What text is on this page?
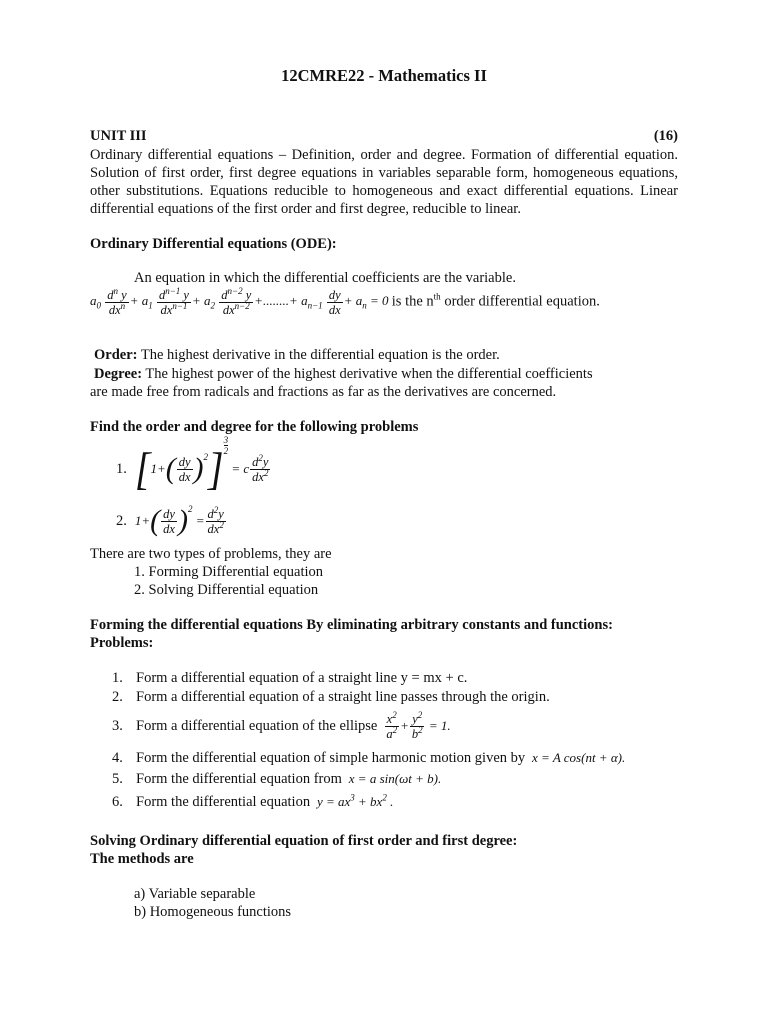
12CMRE22 - Mathematics II
UNIT III	(16)
Ordinary differential equations – Definition, order and degree. Formation of differential equation. Solution of first order, first degree equations in variables separable form, homogeneous equations, other substitutions. Equations reducible to homogeneous and exact differential equations. Linear differential equations of the first order and first degree, reducible to linear.
Ordinary Differential equations (ODE):
An equation in which the differential coefficients are the variable.
$a_0 \frac{d^n y}{dx^n} + a_1 \frac{d^{n-1} y}{dx^{n-1}} + a_2 \frac{d^{n-2} y}{dx^{n-2}}$ +........+ $a_{n-1} \frac{dy}{dx} + a_n = 0$ is the $n^{th}$ order differential equation.
Order: The highest derivative in the differential equation is the order.
Degree: The highest power of the highest derivative when the differential coefficients
are made free from radicals and fractions as far as the derivatives are concerned.
Find the order and degree for the following problems
1. [ 1+ ( $\frac{dy}{dx} )^2$ ]
3
2
= c $\frac{d^2y}{dx^2}$
2. 1+ ( $\frac{dy}{dx} )^2$
= $\frac{d^2y}{dx^2}$
There are two types of problems, they are
1. Forming Differential equation
2. Solving Differential equation
Forming the differential equations By eliminating arbitrary constants and functions:
Problems:
1. Form a differential equation of a straight line y = mx + c.
2. Form a differential equation of a straight line passes through the origin.
3. Form a differential equation of the ellipse $\frac{x^2}{a^2} + \frac{y^2}{b^2} = 1$.
4. Form the differential equation of simple harmonic motion given by  x = A cos(nt + α).
5. Form the differential equation from  x = a sin(ωt + b).
6. Form the differential equation  $y = ax^3 + bx^2$ .
Solving Ordinary differential equation of first order and first degree:
The methods are
a) Variable separable
b) Homogeneous functions
